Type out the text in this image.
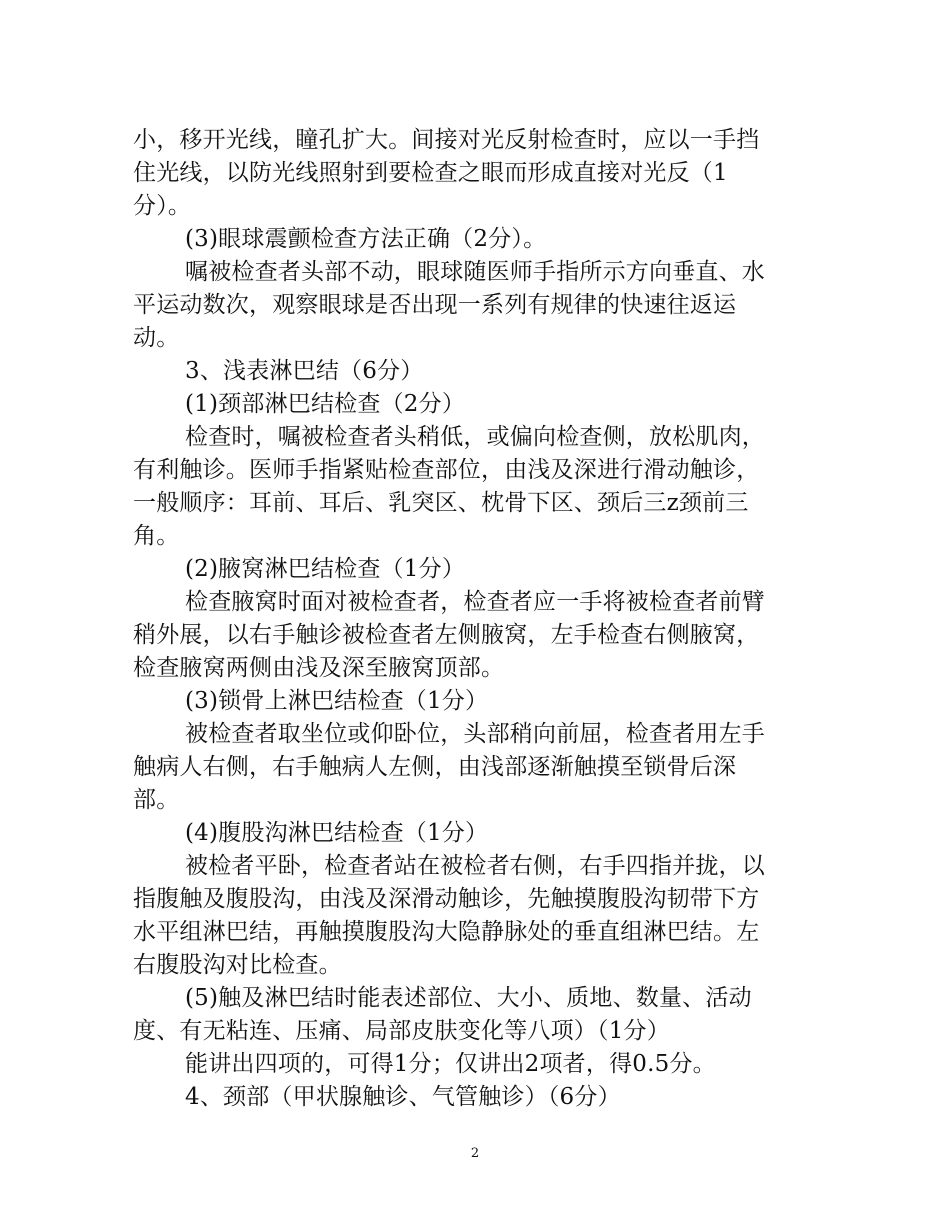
小，移开光线，瞳孔扩大。间接对光反射检查时，应以一手挡
住光线，以防光线照射到要检查之眼而形成直接对光反（1
分）。
(3)眼球震颤检查方法正确（2分）。
嘱被检查者头部不动，眼球随医师手指所示方向垂直、水
平运动数次，观察眼球是否出现一系列有规律的快速往返运
动。
3、浅表淋巴结（6分）
(1)颈部淋巴结检查（2分）
检查时，嘱被检查者头稍低，或偏向检查侧，放松肌肉，
有利触诊。医师手指紧贴检查部位，由浅及深进行滑动触诊，
一般顺序：耳前、耳后、乳突区、枕骨下区、颈后三z颈前三
角。
(2)腋窝淋巴结检查（1分）
检查腋窝时面对被检查者，检查者应一手将被检查者前臂
稍外展，以右手触诊被检查者左侧腋窝，左手检查右侧腋窝，
检查腋窝两侧由浅及深至腋窝顶部。
(3)锁骨上淋巴结检查（1分）
被检查者取坐位或仰卧位，头部稍向前屈，检查者用左手
触病人右侧，右手触病人左侧，由浅部逐渐触摸至锁骨后深
部。
(4)腹股沟淋巴结检查（1分）
被检者平卧，检查者站在被检者右侧，右手四指并拢，以
指腹触及腹股沟，由浅及深滑动触诊，先触摸腹股沟韧带下方
水平组淋巴结，再触摸腹股沟大隐静脉处的垂直组淋巴结。左
右腹股沟对比检查。
(5)触及淋巴结时能表述部位、大小、质地、数量、活动
度、有无粘连、压痛、局部皮肤变化等八项）（1分）
能讲出四项的，可得1分；仅讲出2项者，得0.5分。
4、颈部（甲状腺触诊、气管触诊）（6分）
2
